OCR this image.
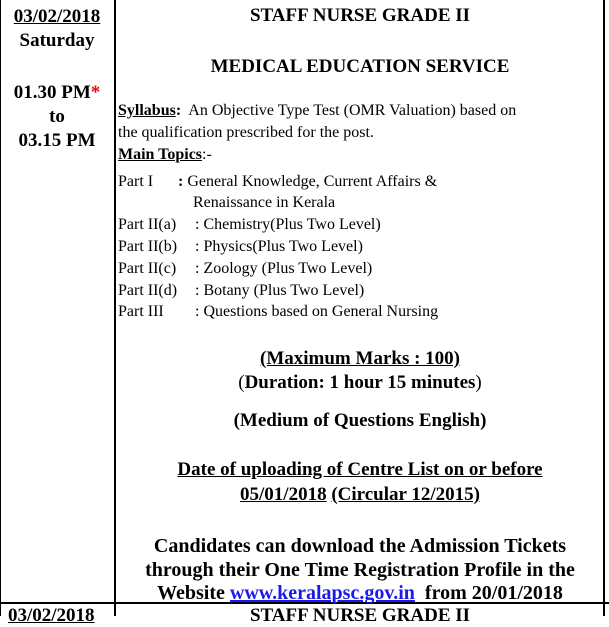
03/02/2018
Saturday
01.30 PM*
to
03.15 PM
STAFF NURSE GRADE II
MEDICAL EDUCATION SERVICE
Syllabus: An Objective Type Test (OMR Valuation) based on
the qualification prescribed for the post.
Main Topics:-
Part I : General Knowledge, Current Affairs &
Renaissance in Kerala
Part II(a) : Chemistry(Plus Two Level)
Part II(b) : Physics(Plus Two Level)
Part II(c) : Zoology (Plus Two Level)
Part II(d) : Botany (Plus Two Level)
Part III : Questions based on General Nursing
(Maximum Marks : 100)
(Duration: 1 hour 15 minutes)
(Medium of Questions English)
Date of uploading of Centre List on or before
05/01/2018 (Circular 12/2015)
Candidates can download the Admission Tickets
through their One Time Registration Profile in the
Website www.keralapsc.gov.in from 20/01/2018
03/02/2018	STAFF NURSE GRADE II
